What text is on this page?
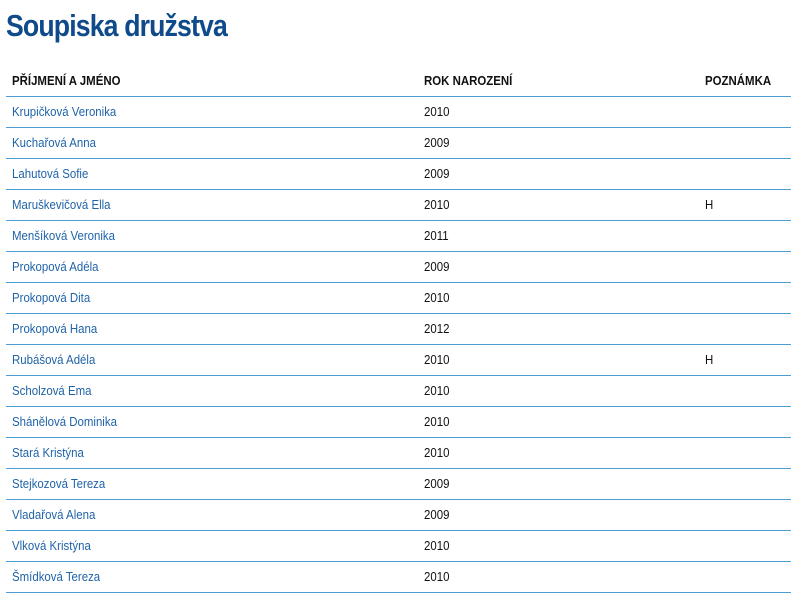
Soupiska družstva
PŘÍJMENÍ A JMÉNO	ROK NAROZENÍ	POZNÁMKA
Krupičková Veronika	2010
Kuchařová Anna	2009
Lahutová Sofie	2009
Maruškevičová Ella	2010	H
Menšíková Veronika	2011
Prokopová Adéla	2009
Prokopová Dita	2010
Prokopová Hana	2012
Rubášová Adéla	2010	H
Scholzová Ema	2010
Shánělová Dominika	2010
Stará Kristýna	2010
Stejkozová Tereza	2009
Vladařová Alena	2009
Vlková Kristýna	2010
Šmídková Tereza	2010
